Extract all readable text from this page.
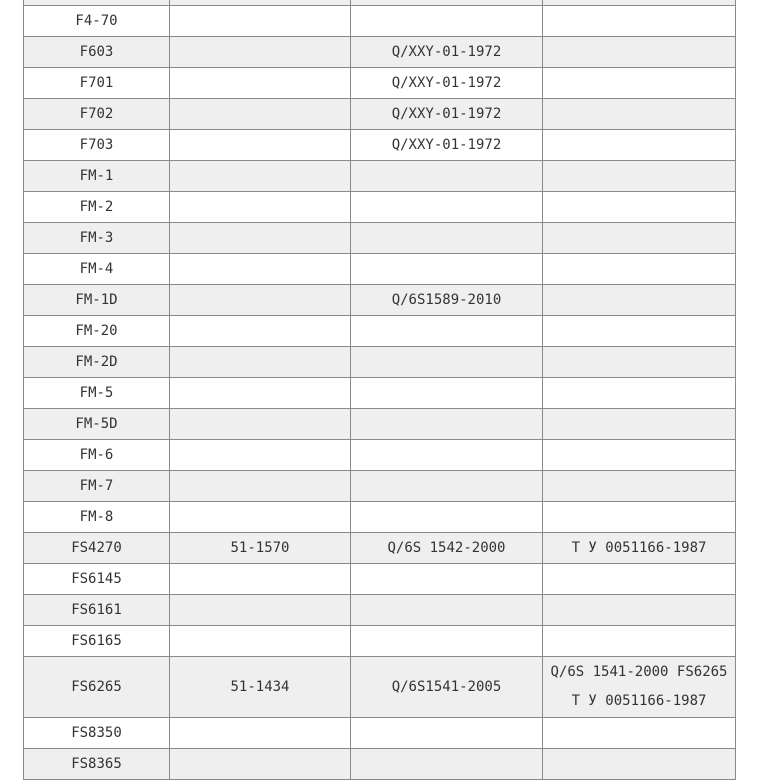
F4-70			
F603		Q/XXY-01-1972	
F701		Q/XXY-01-1972	
F702		Q/XXY-01-1972	
F703		Q/XXY-01-1972	
FM-1			
FM-2			
FM-3			
FM-4			
FM-1D		Q/6S1589-2010	
FM-20			
FM-2D			
FM-5			
FM-5D			
FM-6			
FM-7			
FM-8			
FS4270	51-1570	Q/6S 1542-2000	Т У 0051166-1987

FS6145			
FS6161			
FS6165			
FS6265	51-1434	Q/6S1541-2005	Q/6S 1541-2000 FS6265
Т У 0051166-1987

FS8350			
FS8365			
